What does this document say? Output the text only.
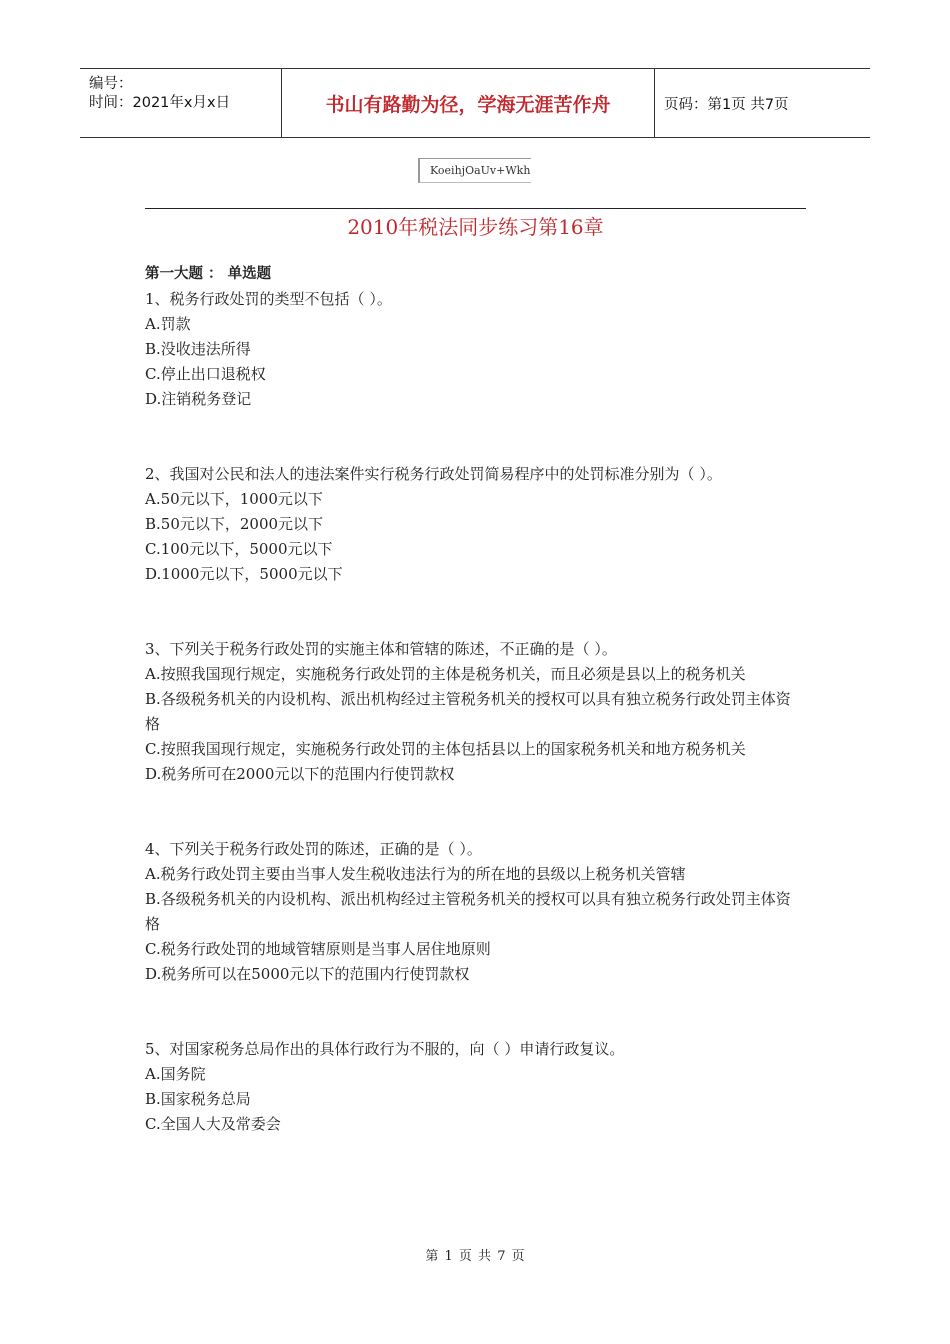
编号：
时间：2021年x月x日	书山有路勤为径，学海无涯苦作舟	页码：第1页 共7页
KoeihjOaUv+Wkh
2010年税法同步练习第16章
第一大题 ： 单选题
1、税务行政处罚的类型不包括（ ）。
A.罚款
B.没收违法所得
C.停止出口退税权
D.注销税务登记
2、我国对公民和法人的违法案件实行税务行政处罚简易程序中的处罚标准分别为（ ）。
A.50元以下，1000元以下
B.50元以下，2000元以下
C.100元以下，5000元以下
D.1000元以下，5000元以下
3、下列关于税务行政处罚的实施主体和管辖的陈述，不正确的是（ ）。
A.按照我国现行规定，实施税务行政处罚的主体是税务机关，而且必须是县以上的税务机关
B.各级税务机关的内设机构、派出机构经过主管税务机关的授权可以具有独立税务行政处罚主体资格
C.按照我国现行规定，实施税务行政处罚的主体包括县以上的国家税务机关和地方税务机关
D.税务所可在2000元以下的范围内行使罚款权
4、下列关于税务行政处罚的陈述，正确的是（ ）。
A.税务行政处罚主要由当事人发生税收违法行为的所在地的县级以上税务机关管辖
B.各级税务机关的内设机构、派出机构经过主管税务机关的授权可以具有独立税务行政处罚主体资格
C.税务行政处罚的地域管辖原则是当事人居住地原则
D.税务所可以在5000元以下的范围内行使罚款权
5、对国家税务总局作出的具体行政行为不服的，向（ ）申请行政复议。
A.国务院
B.国家税务总局
C.全国人大及常委会
第 1 页 共 7 页
